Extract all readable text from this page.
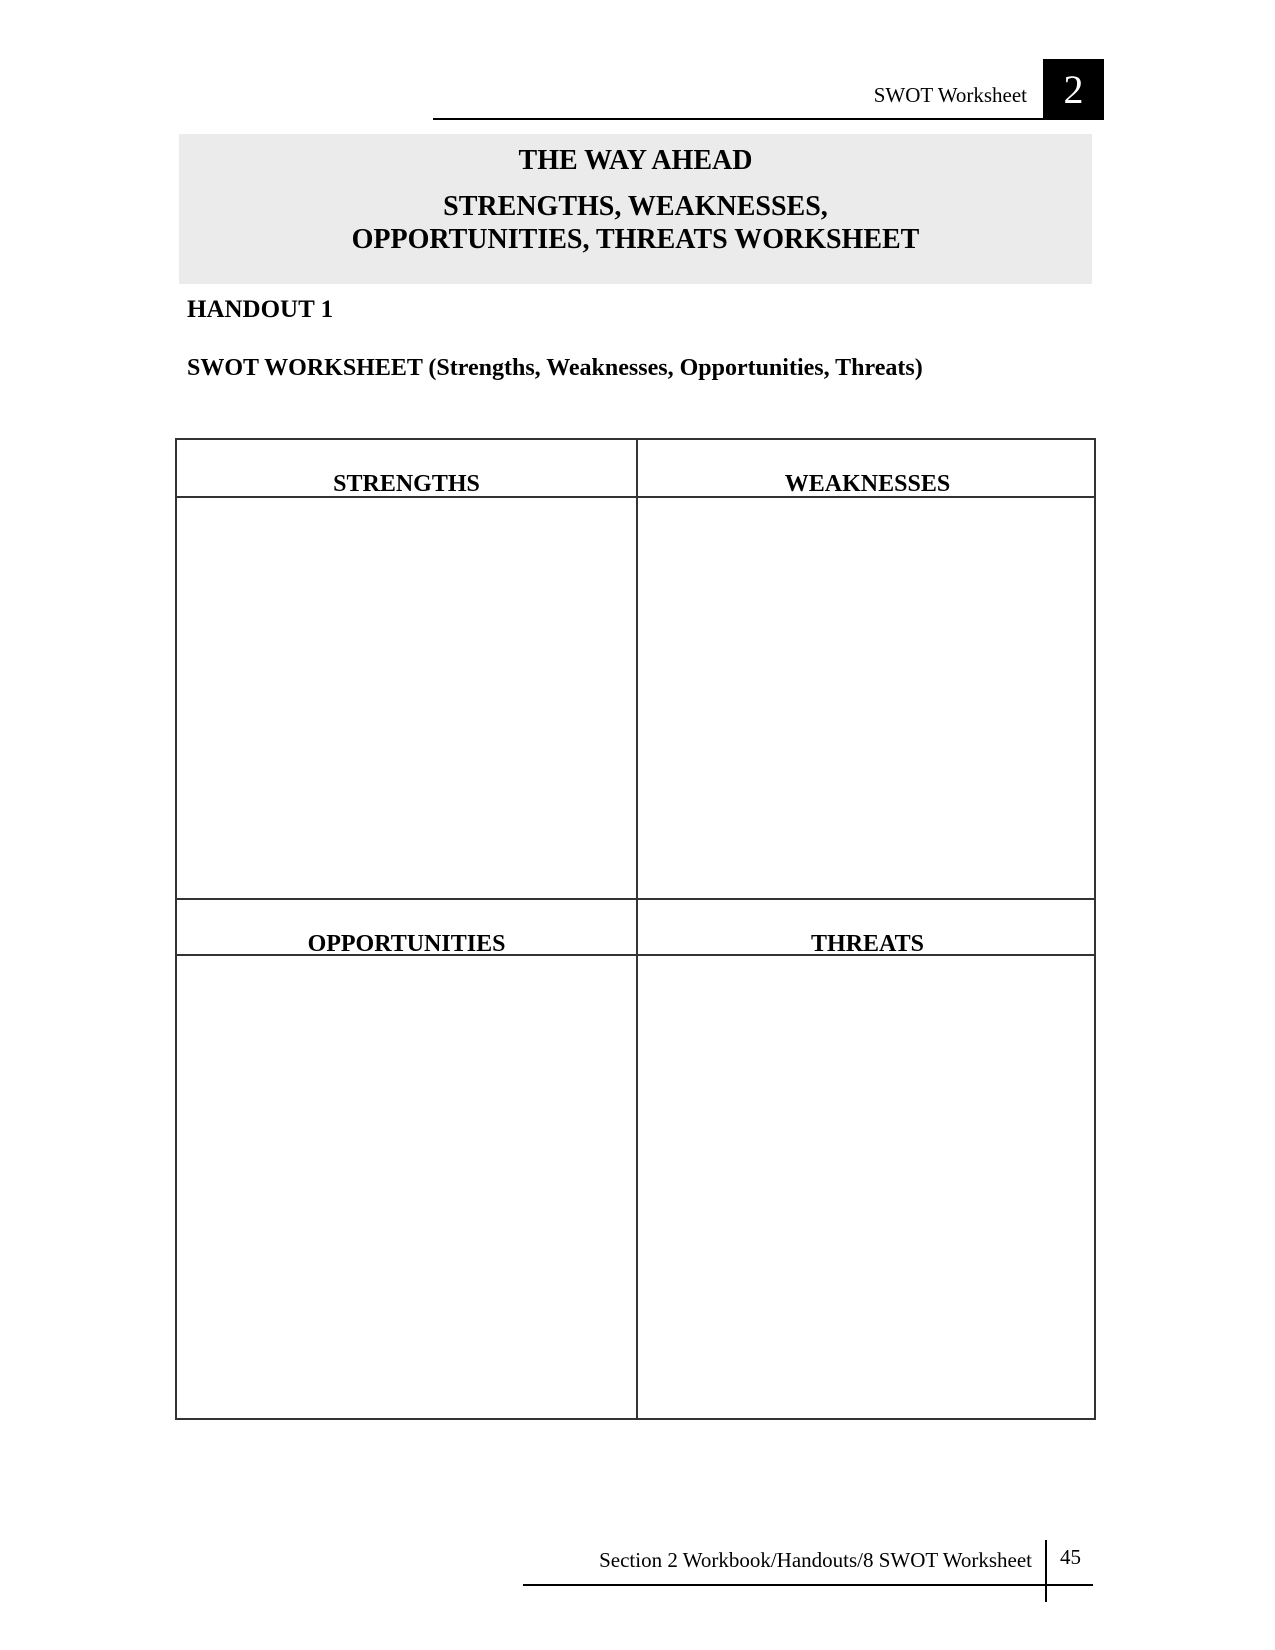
SWOT Worksheet 2
THE WAY AHEAD
STRENGTHS, WEAKNESSES,
OPPORTUNITIES, THREATS WORKSHEET
HANDOUT 1
SWOT WORKSHEET (Strengths, Weaknesses, Opportunities, Threats)
STRENGTHS	WEAKNESSES
OPPORTUNITIES	THREATS
Section 2 Workbook/Handouts/8 SWOT Worksheet 45
